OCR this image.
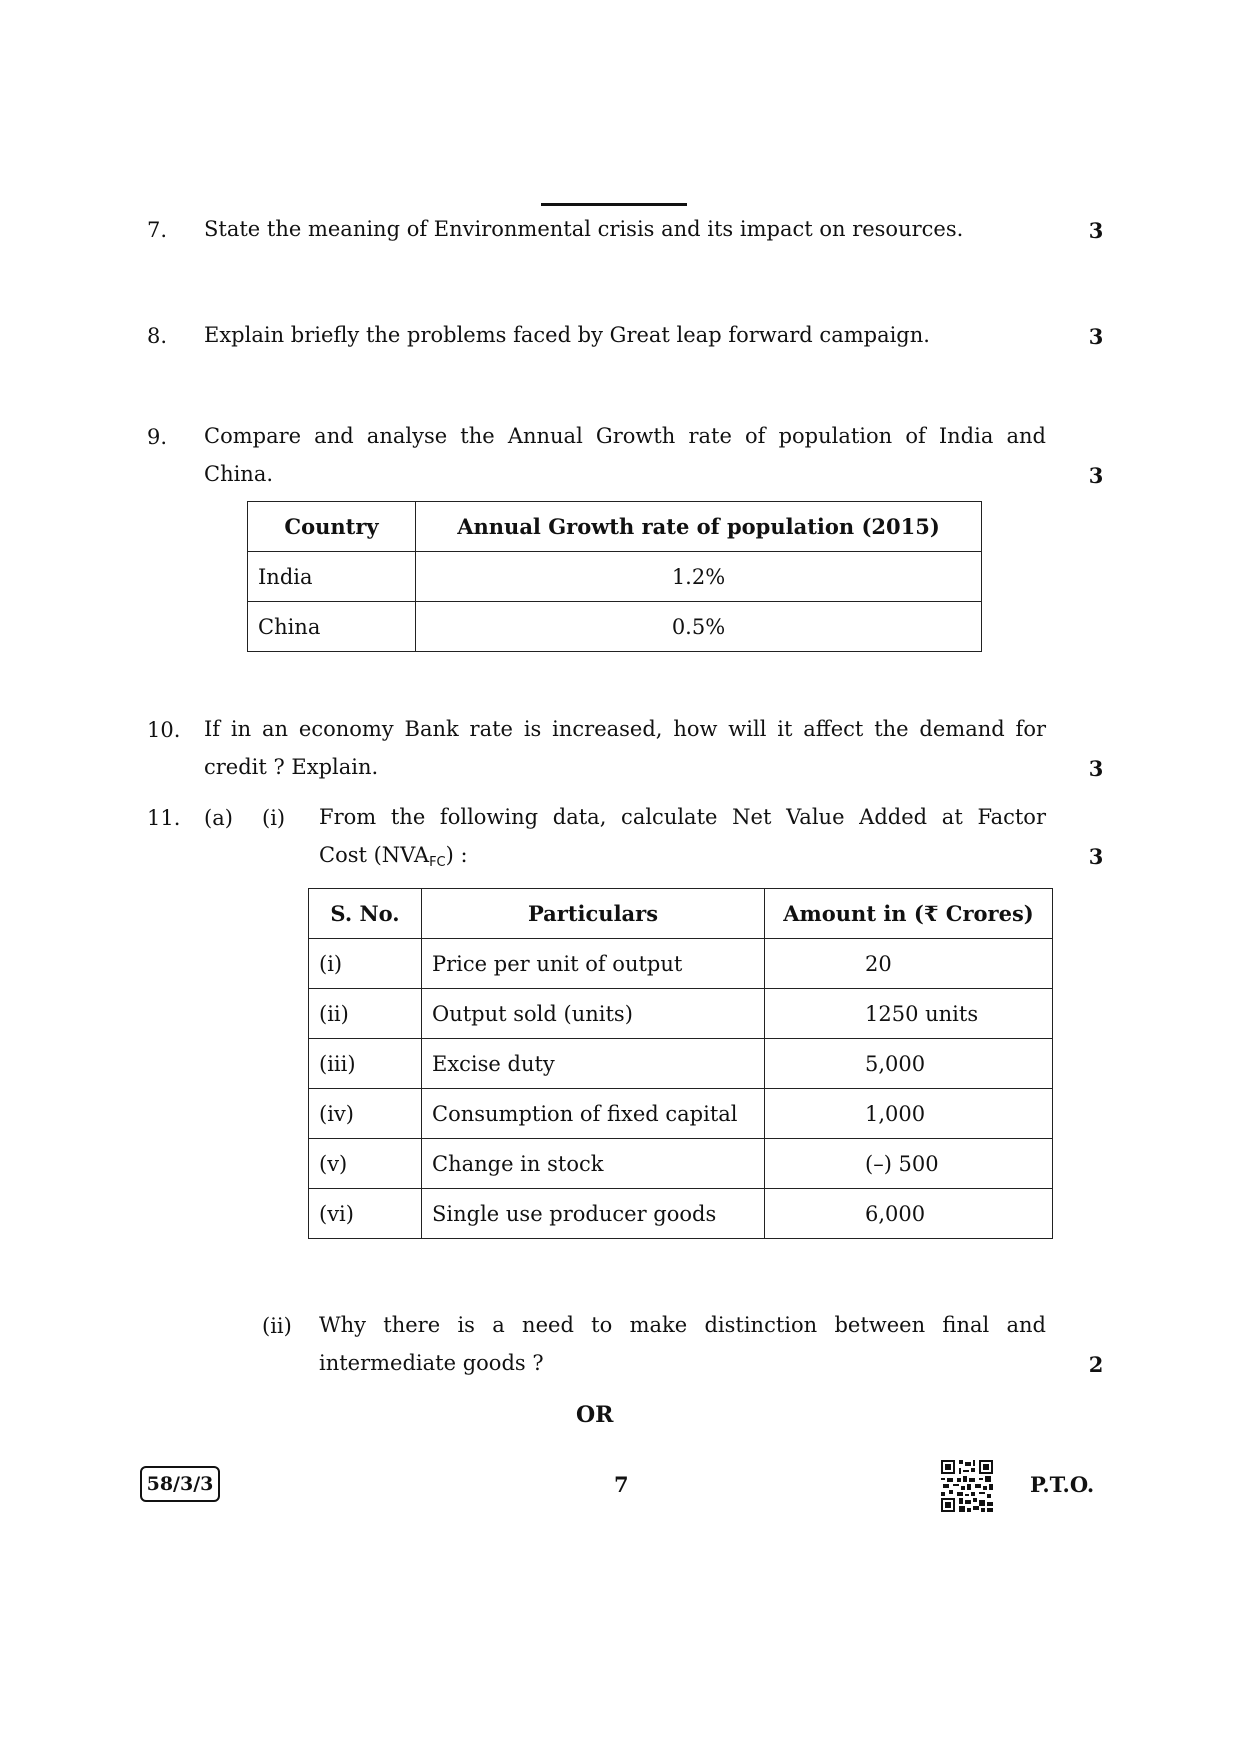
7.	State the meaning of Environmental crisis and its impact on resources.	3
8.	Explain briefly the problems faced by Great leap forward campaign.	3
9.	Compare and analyse the Annual Growth rate of population of India and
China.	3
Country	Annual Growth rate of population (2015)
India	1.2%
China	0.5%
10.	If in an economy Bank rate is increased, how will it affect the demand for
credit ? Explain.	3
11.	(a)	(i)	From the following data, calculate Net Value Added at Factor
Cost $(NVA_{FC})$ :	3
S. No.	Particulars	Amount in (₹ Crores)
(i)	Price per unit of output	20
(ii)	Output sold (units)	1250 units
(iii)	Excise duty	5,000
(iv)	Consumption of fixed capital	1,000
(v)	Change in stock	(–) 500
(vi)	Single use producer goods	6,000
(ii)	Why there is a need to make distinction between final and
intermediate goods ?	2
OR
58/3/3	7	P.T.O.
